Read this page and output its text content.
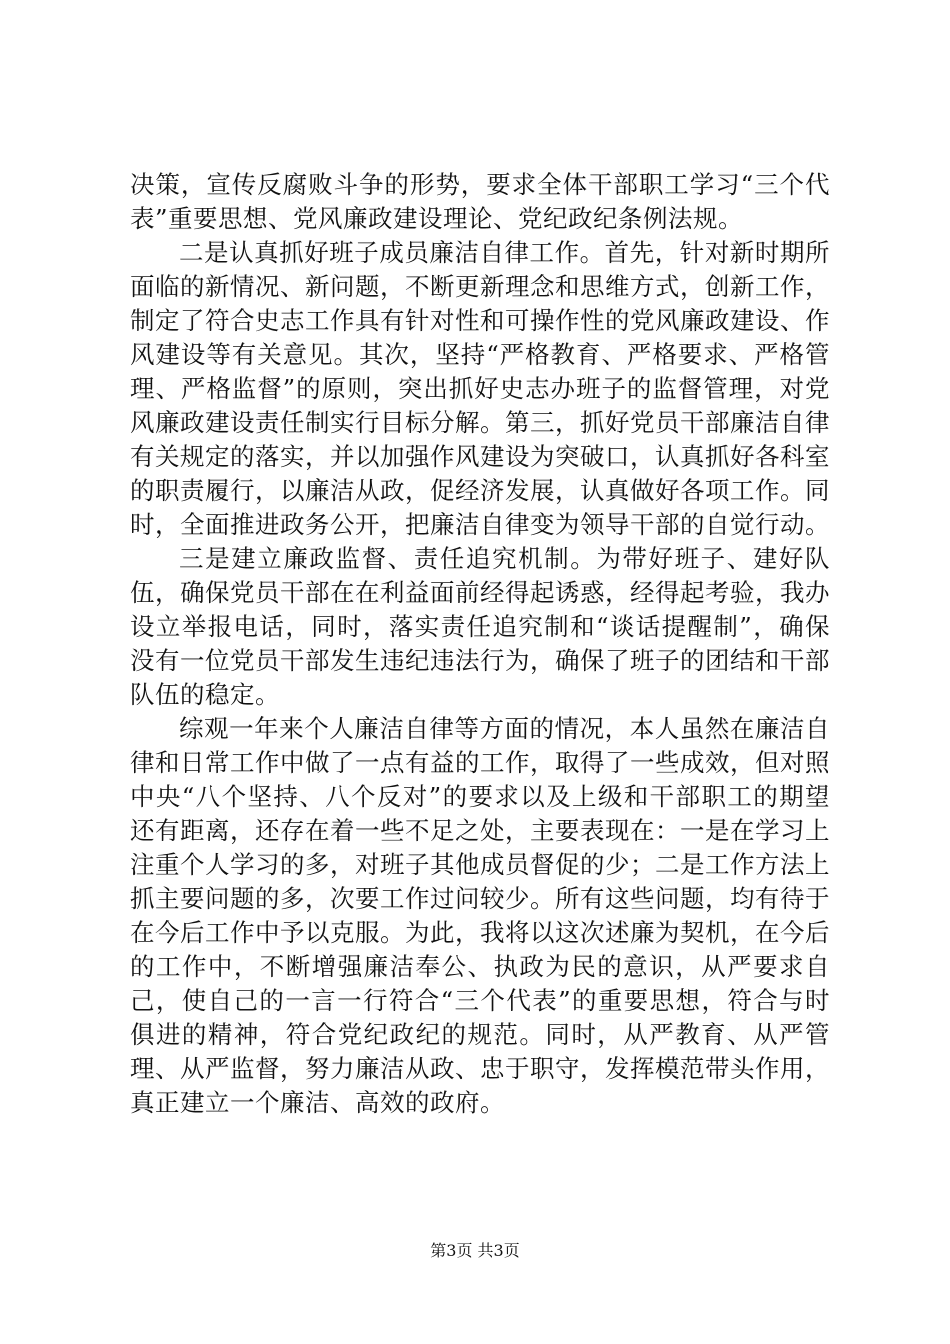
决策，宣传反腐败斗争的形势，要求全体干部职工学习“三个代表”重要思想、党风廉政建设理论、党纪政纪条例法规。

二是认真抓好班子成员廉洁自律工作。首先，针对新时期所面临的新情况、新问题，不断更新理念和思维方式，创新工作，制定了符合史志工作具有针对性和可操作性的党风廉政建设、作风建设等有关意见。其次，坚持“严格教育、严格要求、严格管理、严格监督”的原则，突出抓好史志办班子的监督管理，对党风廉政建设责任制实行目标分解。第三，抓好党员干部廉洁自律有关规定的落实，并以加强作风建设为突破口，认真抓好各科室的职责履行，以廉洁从政，促经济发展，认真做好各项工作。同时，全面推进政务公开，把廉洁自律变为领导干部的自觉行动。

三是建立廉政监督、责任追究机制。为带好班子、建好队伍，确保党员干部在在利益面前经得起诱惑，经得起考验，我办设立举报电话，同时，落实责任追究制和“谈话提醒制”，确保没有一位党员干部发生违纪违法行为，确保了班子的团结和干部队伍的稳定。

综观一年来个人廉洁自律等方面的情况，本人虽然在廉洁自律和日常工作中做了一点有益的工作，取得了一些成效，但对照中央“八个坚持、八个反对”的要求以及上级和干部职工的期望还有距离，还存在着一些不足之处，主要表现在：一是在学习上注重个人学习的多，对班子其他成员督促的少；二是工作方法上抓主要问题的多，次要工作过问较少。所有这些问题，均有待于在今后工作中予以克服。为此，我将以这次述廉为契机，在今后的工作中，不断增强廉洁奉公、执政为民的意识，从严要求自己，使自己的一言一行符合“三个代表”的重要思想，符合与时俱进的精神，符合党纪政纪的规范。同时，从严教育、从严管理、从严监督，努力廉洁从政、忠于职守，发挥模范带头作用，真正建立一个廉洁、高效的政府。

第3页 共3页
